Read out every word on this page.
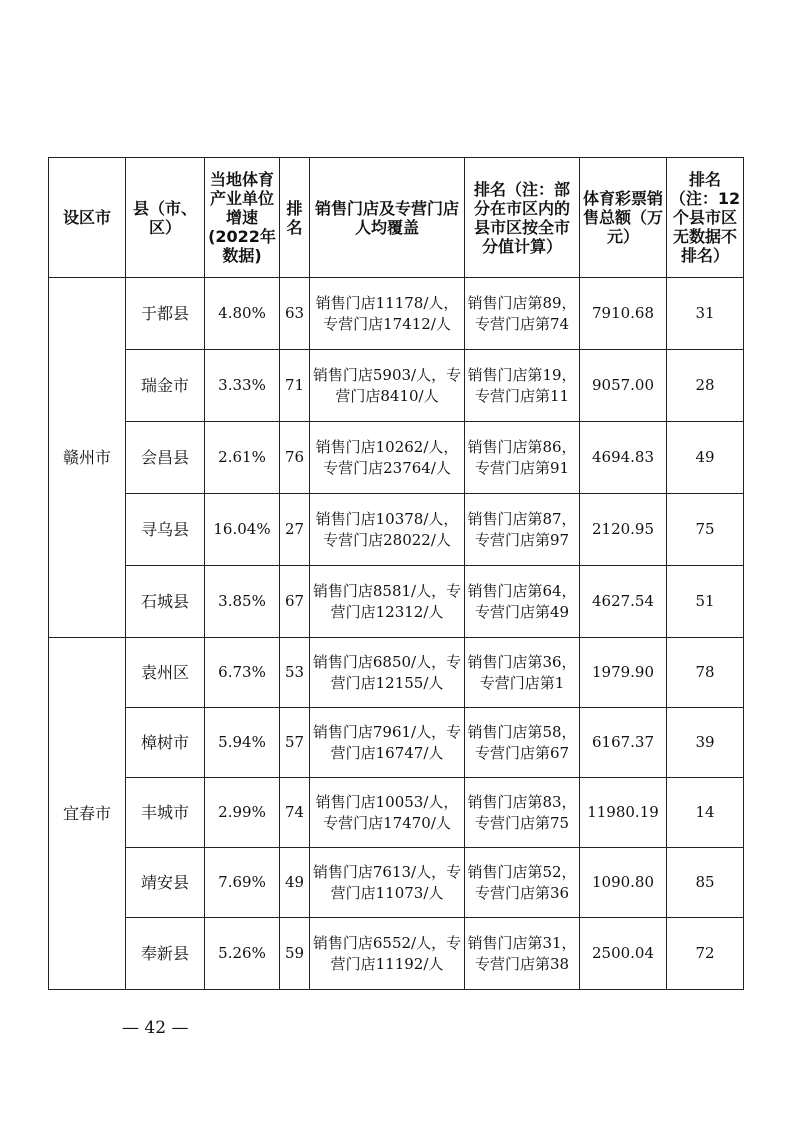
设区市	县（市、区）	当地体育产业单位增速(2022年数据)	排名	销售门店及专营门店人均覆盖	排名（注：部分在市区内的县市区按全市分值计算）	体育彩票销售总额（万元）	排名（注：12个县市区无数据不排名）
赣州市	于都县	4.80%	63	销售门店11178/人，专营门店17412/人	销售门店第89，专营门店第74	7910.68	31
	瑞金市	3.33%	71	销售门店5903/人，专营门店8410/人	销售门店第19，专营门店第11	9057.00	28
	会昌县	2.61%	76	销售门店10262/人，专营门店23764/人	销售门店第86，专营门店第91	4694.83	49
	寻乌县	16.04%	27	销售门店10378/人，专营门店28022/人	销售门店第87，专营门店第97	2120.95	75
	石城县	3.85%	67	销售门店8581/人，专营门店12312/人	销售门店第64，专营门店第49	4627.54	51
宜春市	袁州区	6.73%	53	销售门店6850/人，专营门店12155/人	销售门店第36，专营门店第1	1979.90	78
	樟树市	5.94%	57	销售门店7961/人，专营门店16747/人	销售门店第58，专营门店第67	6167.37	39
	丰城市	2.99%	74	销售门店10053/人，专营门店17470/人	销售门店第83，专营门店第75	11980.19	14
	靖安县	7.69%	49	销售门店7613/人，专营门店11073/人	销售门店第52，专营门店第36	1090.80	85
	奉新县	5.26%	59	销售门店6552/人，专营门店11192/人	销售门店第31，专营门店第38	2500.04	72
— 42 —
